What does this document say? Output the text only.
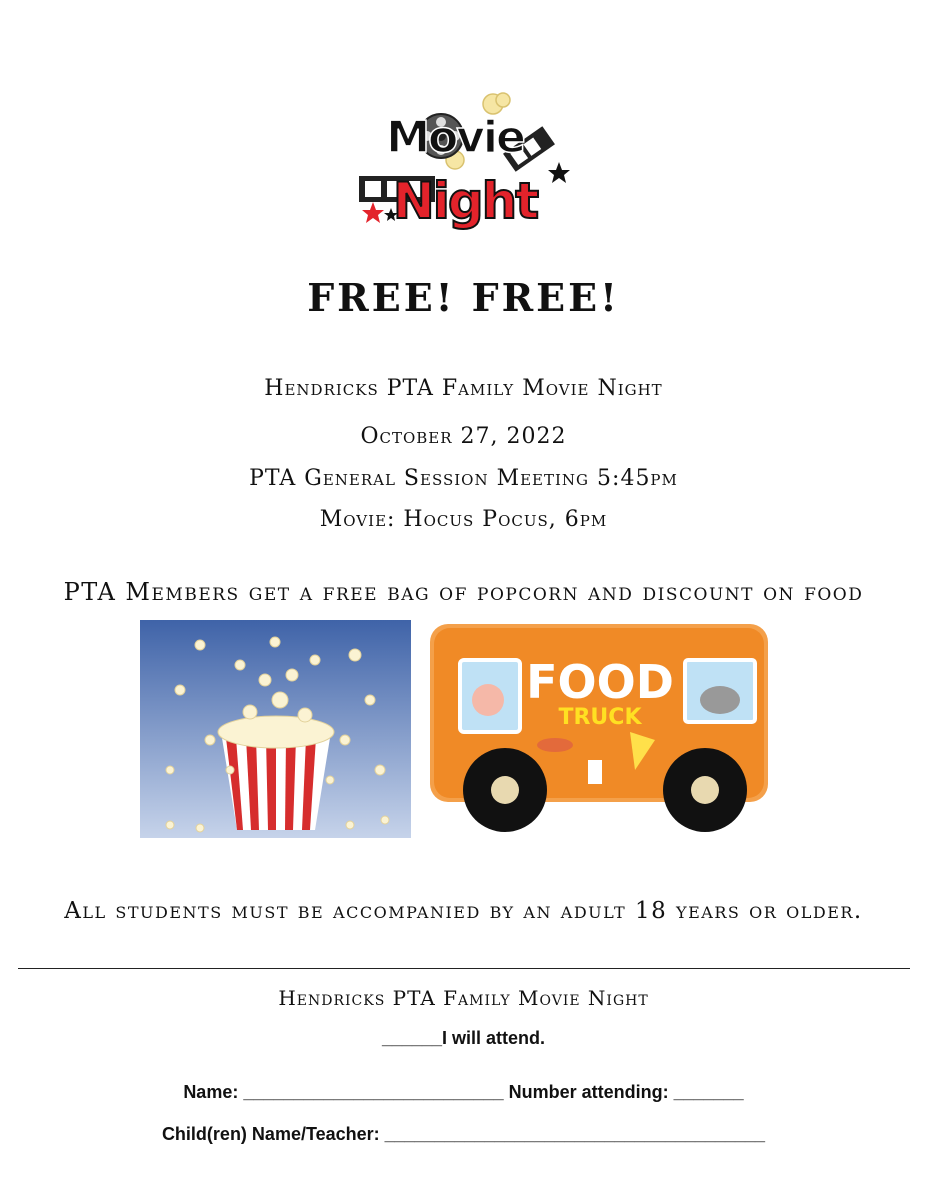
Movie
Night
FREE! FREE!
Hendricks PTA Family Movie Night
October 27, 2022
PTA General Session Meeting 5:45pm
Movie: Hocus Pocus, 6pm
PTA Members get a free bag of popcorn and discount on food
FOOD
TRUCK
All students must be accompanied by an adult 18 years or older.
Hendricks PTA Family Movie Night
______I will attend.
Name: __________________________ Number attending: _______
Child(ren) Name/Teacher: ______________________________________
